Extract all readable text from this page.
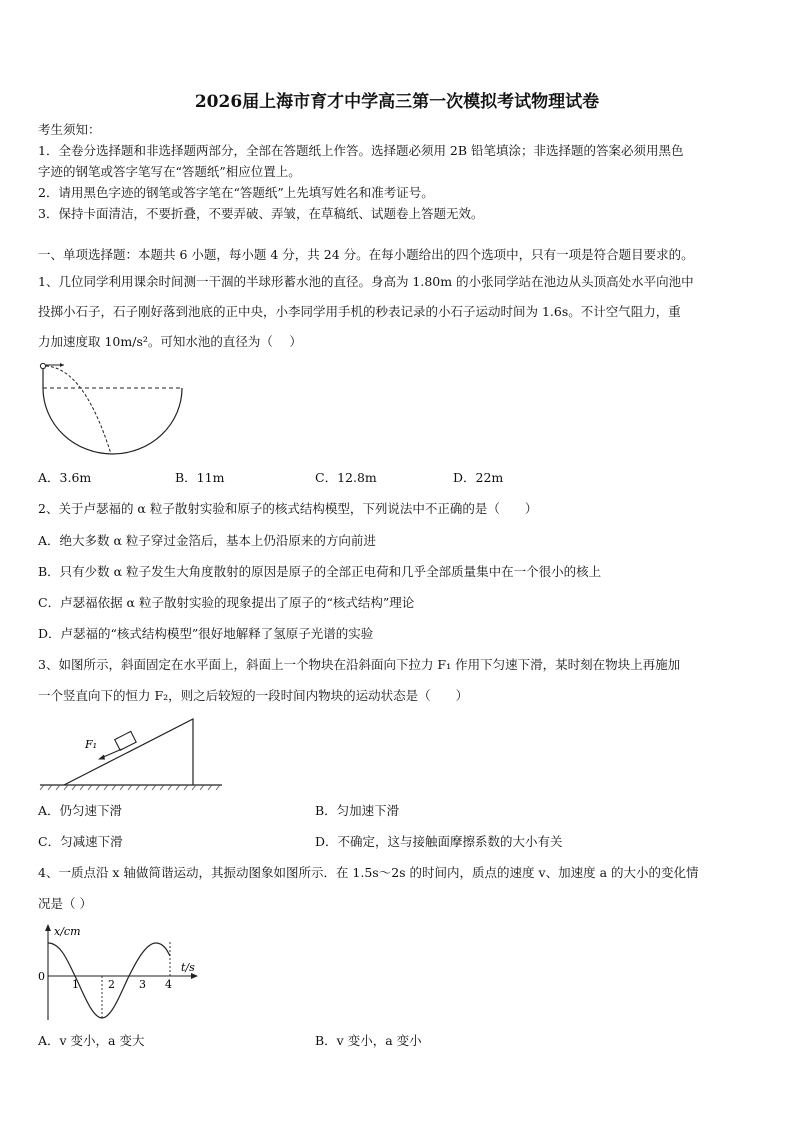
2026届上海市育才中学高三第一次模拟考试物理试卷
考生须知：
1．全卷分选择题和非选择题两部分，全部在答题纸上作答。选择题必须用 2B 铅笔填涂；非选择题的答案必须用黑色
字迹的钢笔或答字笔写在“答题纸”相应位置上。
2．请用黑色字迹的钢笔或答字笔在“答题纸”上先填写姓名和准考证号。
3．保持卡面清洁，不要折叠，不要弄破、弄皱，在草稿纸、试题卷上答题无效。
一、单项选择题：本题共 6 小题，每小题 4 分，共 24 分。在每小题给出的四个选项中，只有一项是符合题目要求的。
1、几位同学利用课余时间测一干涸的半球形蓄水池的直径。身高为 1.80m 的小张同学站在池边从头顶高处水平向池中
投掷小石子，石子刚好落到池底的正中央，小李同学用手机的秒表记录的小石子运动时间为 1.6s。不计空气阻力，重
力加速度取 10m/s²。可知水池的直径为（　 ）
A．3.6m	B．11m	C．12.8m	D．22m
2、关于卢瑟福的 α 粒子散射实验和原子的核式结构模型，下列说法中不正确的是（　　）
A．绝大多数 α 粒子穿过金箔后，基本上仍沿原来的方向前进
B．只有少数 α 粒子发生大角度散射的原因是原子的全部正电荷和几乎全部质量集中在一个很小的核上
C．卢瑟福依据 α 粒子散射实验的现象提出了原子的“核式结构”理论
D．卢瑟福的“核式结构模型”很好地解释了氢原子光谱的实验
3、如图所示，斜面固定在水平面上，斜面上一个物块在沿斜面向下拉力 F₁ 作用下匀速下滑，某时刻在物块上再施加
一个竖直向下的恒力 F₂，则之后较短的一段时间内物块的运动状态是（　　）
F₁
A．仍匀速下滑	B．匀加速下滑
C．匀减速下滑	D．不确定，这与接触面摩擦系数的大小有关
4、一质点沿 x 轴做简谐运动，其振动图象如图所示．在 1.5s～2s 的时间内，质点的速度 v、加速度 a 的大小的变化情
况是（ ）
x/cm
t/s
0
1	2 3 4
A．v 变小，a 变大	B．v 变小，a 变小
